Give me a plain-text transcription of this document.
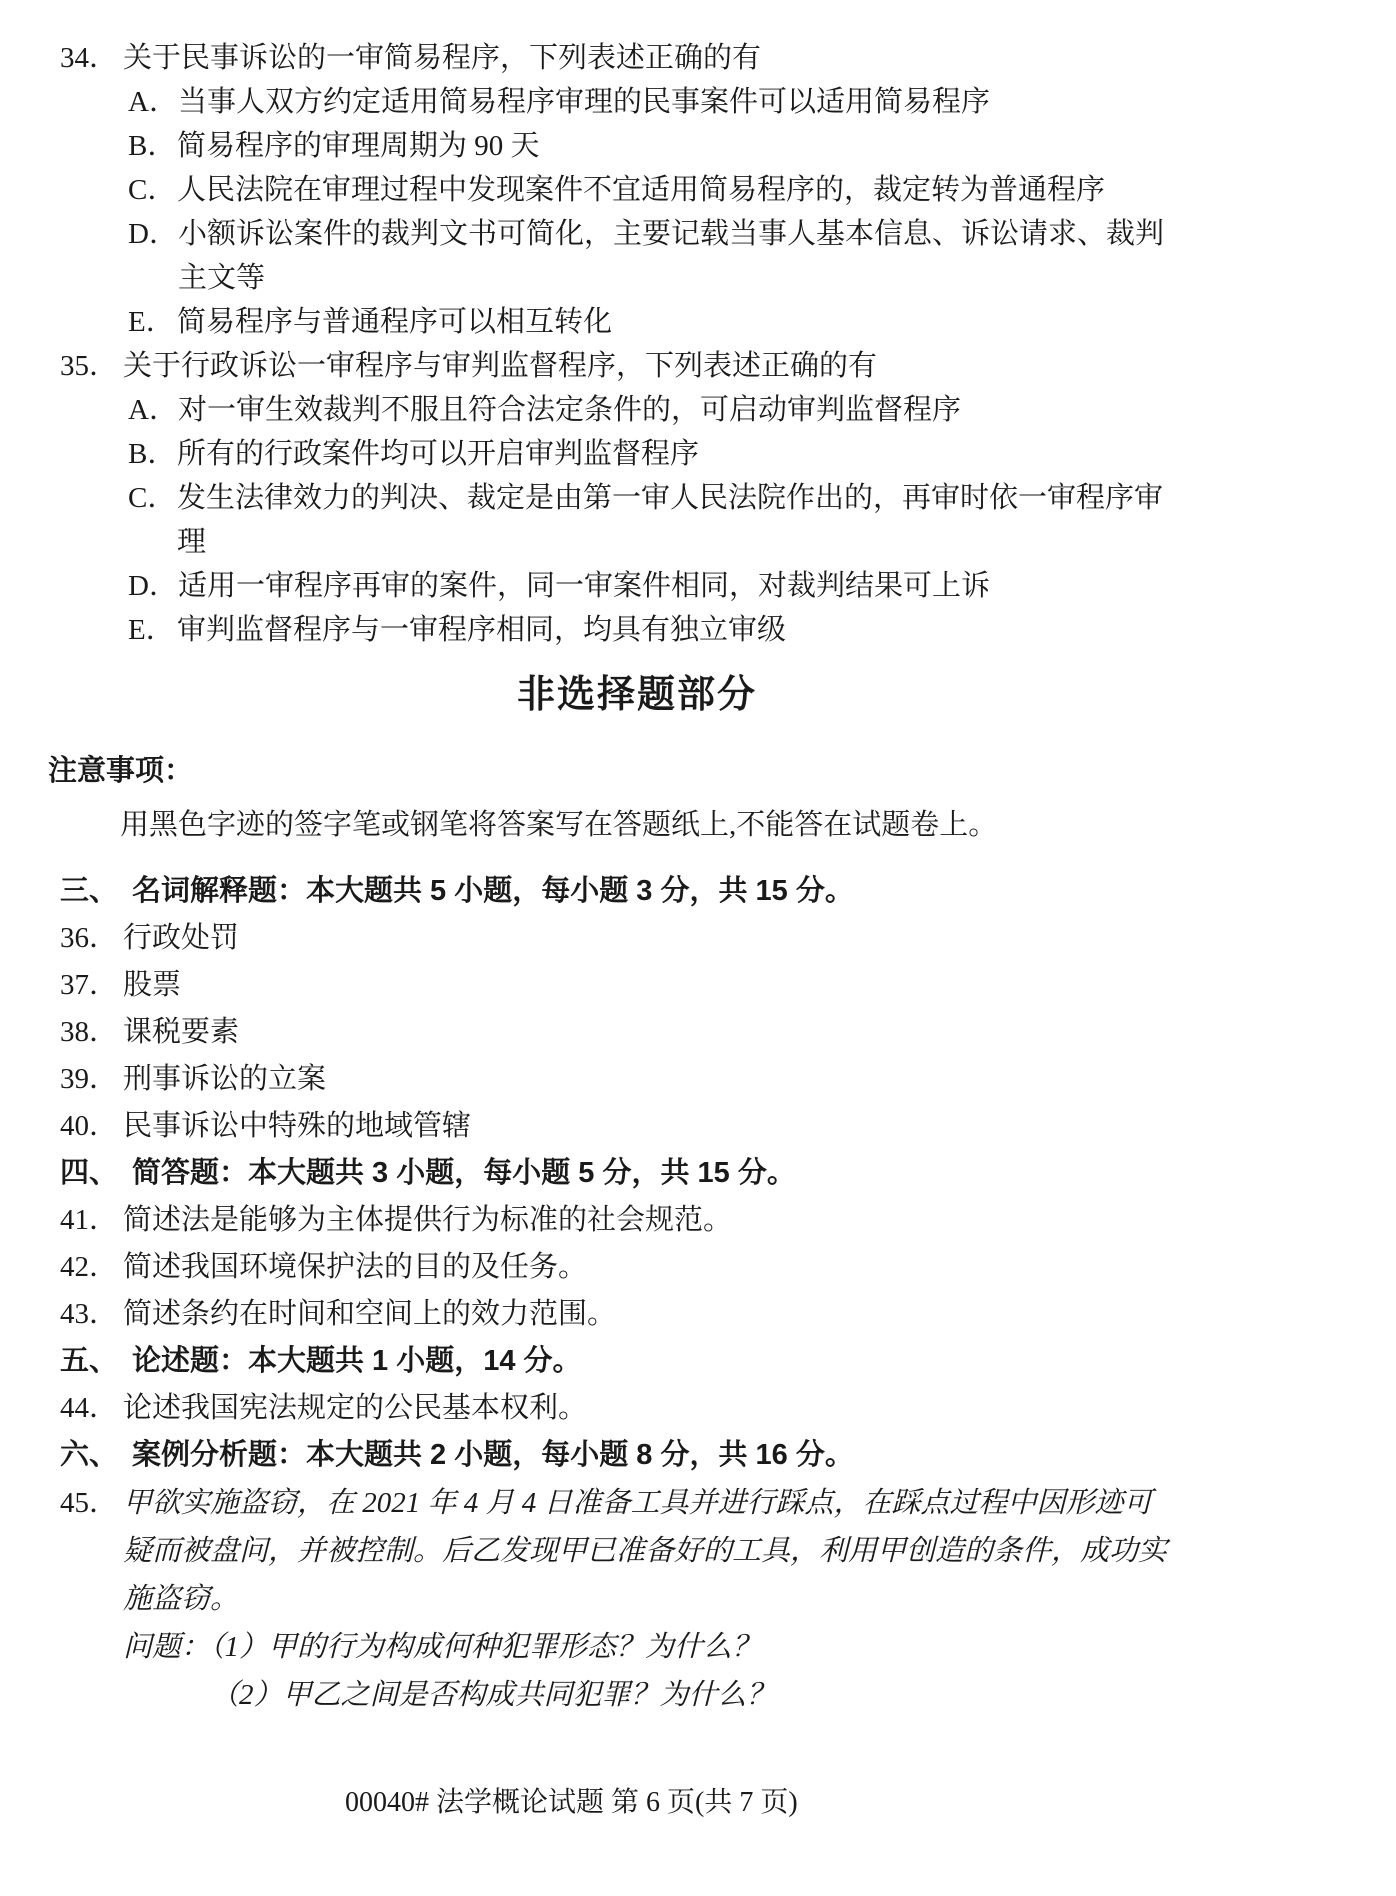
34． 关于民事诉讼的一审简易程序，下列表述正确的有
A． 当事人双方约定适用简易程序审理的民事案件可以适用简易程序
B． 简易程序的审理周期为 90 天
C． 人民法院在审理过程中发现案件不宜适用简易程序的，裁定转为普通程序
D． 小额诉讼案件的裁判文书可简化，主要记载当事人基本信息、诉讼请求、裁判
主文等
E． 简易程序与普通程序可以相互转化
35． 关于行政诉讼一审程序与审判监督程序，下列表述正确的有
A． 对一审生效裁判不服且符合法定条件的，可启动审判监督程序
B． 所有的行政案件均可以开启审判监督程序
C． 发生法律效力的判决、裁定是由第一审人民法院作出的，再审时依一审程序审
理
D． 适用一审程序再审的案件，同一审案件相同，对裁判结果可上诉
E． 审判监督程序与一审程序相同，均具有独立审级
非选择题部分
注意事项：
用黑色字迹的签字笔或钢笔将答案写在答题纸上,不能答在试题卷上。
三、 名词解释题：本大题共 5 小题，每小题 3 分，共 15 分。
36． 行政处罚
37． 股票
38． 课税要素
39． 刑事诉讼的立案
40． 民事诉讼中特殊的地域管辖
四、 简答题：本大题共 3 小题，每小题 5 分，共 15 分。
41． 简述法是能够为主体提供行为标准的社会规范。
42． 简述我国环境保护法的目的及任务。
43． 简述条约在时间和空间上的效力范围。
五、 论述题：本大题共 1 小题，14 分。
44． 论述我国宪法规定的公民基本权利。
六、 案例分析题：本大题共 2 小题，每小题 8 分，共 16 分。
45． 甲欲实施盗窃，在 2021 年 4 月 4 日准备工具并进行踩点，在踩点过程中因形迹可
疑而被盘问，并被控制。后乙发现甲已准备好的工具，利用甲创造的条件，成功实
施盗窃。
问题：（1）甲的行为构成何种犯罪形态？为什么？
（2）甲乙之间是否构成共同犯罪？为什么？
00040# 法学概论试题 第 6 页(共 7 页)
